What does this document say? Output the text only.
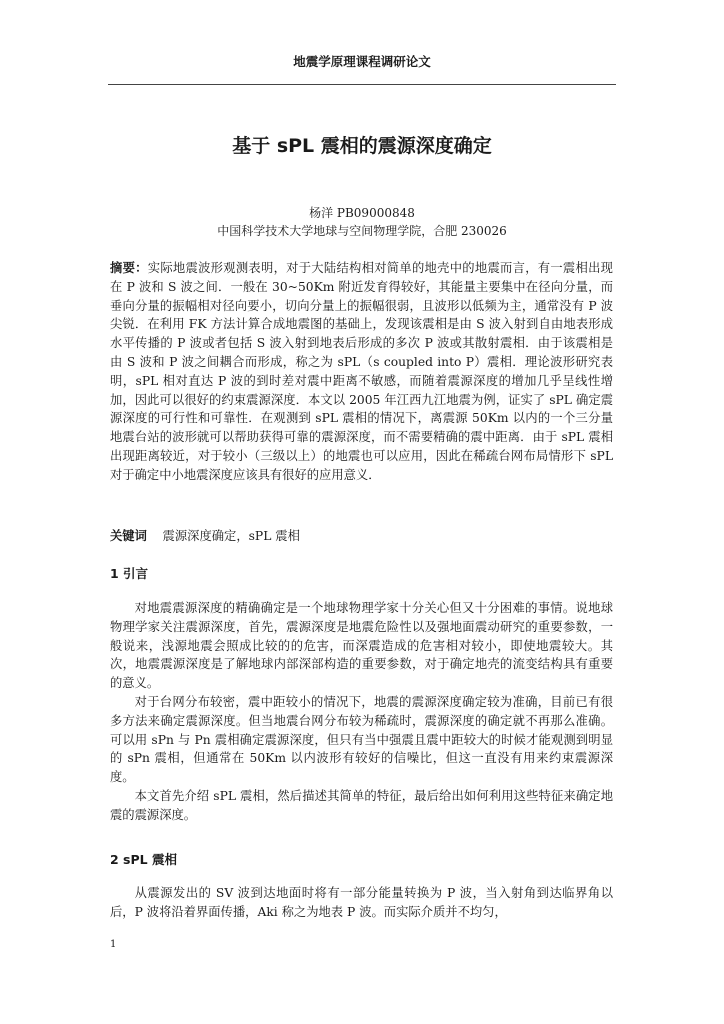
地震学原理课程调研论文
基于 sPL 震相的震源深度确定
杨洋 PB09000848
中国科学技术大学地球与空间物理学院，合肥 230026

摘要：实际地震波形观测表明，对于大陆结构相对简单的地壳中的地震而言，有一震相出现在 P 波和 S 波之间．一般在 30~50Km 附近发育得较好，其能量主要集中在径向分量，而垂向分量的振幅相对径向要小，切向分量上的振幅很弱，且波形以低频为主，通常没有 P 波尖锐．在利用 FK 方法计算合成地震图的基础上，发现该震相是由 S 波入射到自由地表形成水平传播的 P 波或者包括 S 波入射到地表后形成的多次 P 波或其散射震相．由于该震相是由 S 波和 P 波之间耦合而形成，称之为 sPL（s coupled into P）震相．理论波形研究表明，sPL 相对直达 P 波的到时差对震中距离不敏感，而随着震源深度的增加几乎呈线性增加，因此可以很好的约束震源深度．本文以 2005 年江西九江地震为例，证实了 sPL 确定震源深度的可行性和可靠性．在观测到 sPL 震相的情况下，离震源 50Km 以内的一个三分量地震台站的波形就可以帮助获得可靠的震源深度，而不需要精确的震中距离．由于 sPL 震相出现距离较近，对于较小（三级以上）的地震也可以应用，因此在稀疏台网布局情形下 sPL 对于确定中小地震深度应该具有很好的应用意义．

关键词 震源深度确定，sPL 震相
1 引言

对地震震源深度的精确确定是一个地球物理学家十分关心但又十分困难的事情。说地球物理学家关注震源深度，首先，震源深度是地震危险性以及强地面震动研究的重要参数，一般说来，浅源地震会照成比较的的危害，而深震造成的危害相对较小，即使地震较大。其次，地震震源深度是了解地球内部深部构造的重要参数，对于确定地壳的流变结构具有重要的意义。

对于台网分布较密，震中距较小的情况下，地震的震源深度确定较为准确，目前已有很多方法来确定震源深度。但当地震台网分布较为稀疏时，震源深度的确定就不再那么准确。可以用 sPn 与 Pn 震相确定震源深度，但只有当中强震且震中距较大的时候才能观测到明显的 sPn 震相，但通常在 50Km 以内波形有较好的信噪比，但这一直没有用来约束震源深度。

本文首先介绍 sPL 震相，然后描述其简单的特征，最后给出如何利用这些特征来确定地震的震源深度。

2 sPL 震相

从震源发出的 SV 波到达地面时将有一部分能量转换为 P 波，当入射角到达临界角以后，P 波将沿着界面传播，Aki 称之为地表 P 波。而实际介质并不均匀，

1
